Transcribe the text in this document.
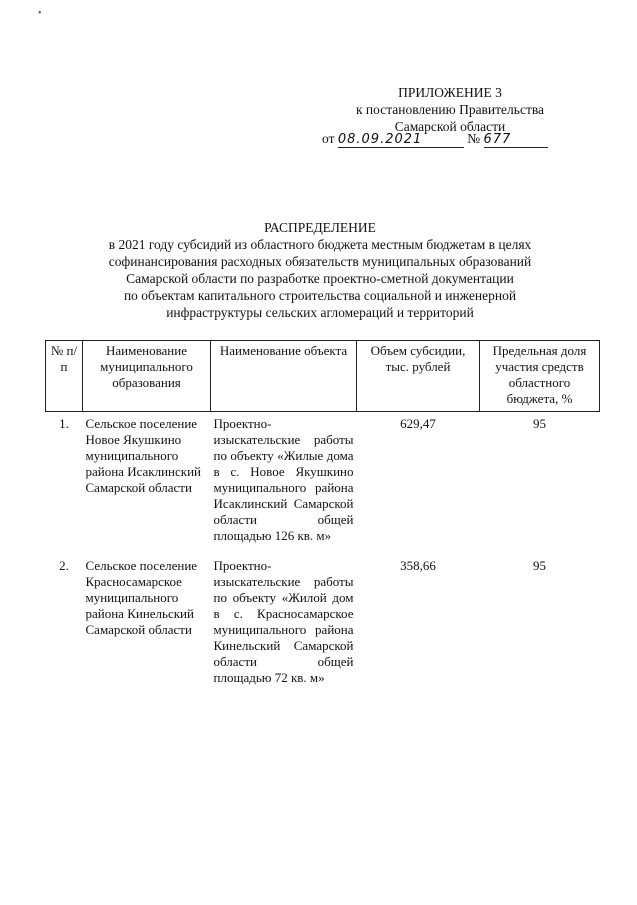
•
ПРИЛОЖЕНИЕ 3
к постановлению Правительства
Самарской области
от 08.09.2021	№ 677
РАСПРЕДЕЛЕНИЕ
в 2021 году субсидий из областного бюджета местным бюджетам в целях
софинансирования расходных обязательств муниципальных образований
Самарской области по разработке проектно-сметной документации
по объектам капитального строительства социальной и инженерной
инфраструктуры сельских агломераций и территорий
№ п/п	Наименование муниципального образования	Наименование объекта	Объем субсидии, тыс. рублей	Предельная доля участия средств областного бюджета, %
1.	Сельское поселение Новое Якушкино муниципального района Исаклинский Самарской области	Проектно-изыскательские работы по объекту «Жилые дома в с. Новое Якушкино муниципального района Исаклинский Самарской области общей площадью 126 кв. м»	629,47	95
2.	Сельское поселение Красносамарское муниципального района Кинельский Самарской области	Проектно-изыскательские работы по объекту «Жилой дом в с. Красносамарское муниципального района Кинельский Самарской области общей площадью 72 кв. м»	358,66	95
